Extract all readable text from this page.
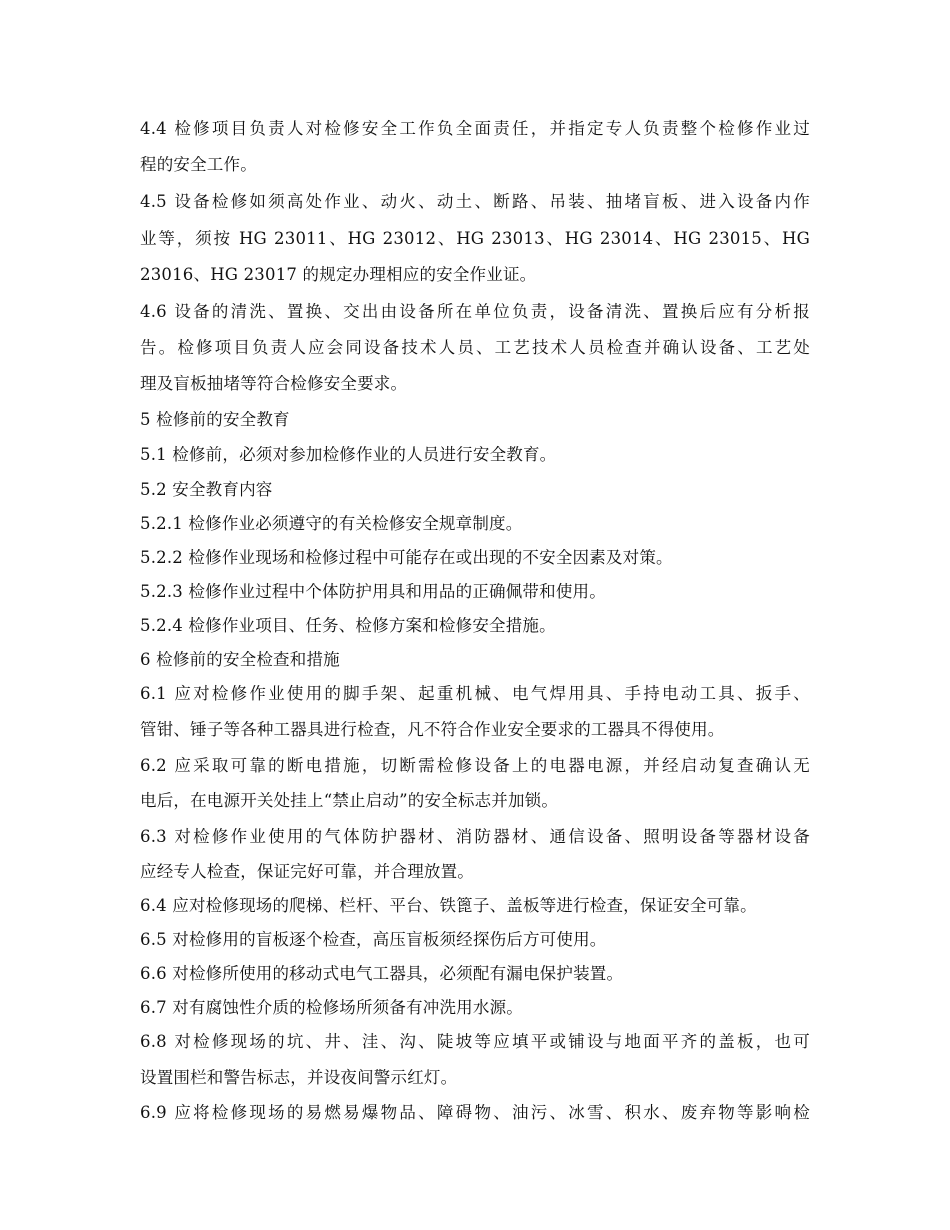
4.4 检修项目负责人对检修安全工作负全面责任，并指定专人负责整个检修作业过
程的安全工作。
4.5 设备检修如须高处作业、动火、动土、断路、吊装、抽堵盲板、进入设备内作
业等，须按 HG 23011、HG 23012、HG 23013、HG 23014、HG 23015、HG
23016、HG 23017 的规定办理相应的安全作业证。
4.6 设备的清洗、置换、交出由设备所在单位负责，设备清洗、置换后应有分析报
告。检修项目负责人应会同设备技术人员、工艺技术人员检查并确认设备、工艺处
理及盲板抽堵等符合检修安全要求。
5 检修前的安全教育
5.1 检修前，必须对参加检修作业的人员进行安全教育。
5.2 安全教育内容
5.2.1 检修作业必须遵守的有关检修安全规章制度。
5.2.2 检修作业现场和检修过程中可能存在或出现的不安全因素及对策。
5.2.3 检修作业过程中个体防护用具和用品的正确佩带和使用。
5.2.4 检修作业项目、任务、检修方案和检修安全措施。
6 检修前的安全检查和措施
6.1 应对检修作业使用的脚手架、起重机械、电气焊用具、手持电动工具、扳手、
管钳、锤子等各种工器具进行检查，凡不符合作业安全要求的工器具不得使用。
6.2 应采取可靠的断电措施，切断需检修设备上的电器电源，并经启动复查确认无
电后，在电源开关处挂上“禁止启动”的安全标志并加锁。
6.3 对检修作业使用的气体防护器材、消防器材、通信设备、照明设备等器材设备
应经专人检查，保证完好可靠，并合理放置。
6.4 应对检修现场的爬梯、栏杆、平台、铁篦子、盖板等进行检查，保证安全可靠。
6.5 对检修用的盲板逐个检查，高压盲板须经探伤后方可使用。
6.6 对检修所使用的移动式电气工器具，必须配有漏电保护装置。
6.7 对有腐蚀性介质的检修场所须备有冲洗用水源。
6.8 对检修现场的坑、井、洼、沟、陡坡等应填平或铺设与地面平齐的盖板，也可
设置围栏和警告标志，并设夜间警示红灯。
6.9 应将检修现场的易燃易爆物品、障碍物、油污、冰雪、积水、废弃物等影响检
